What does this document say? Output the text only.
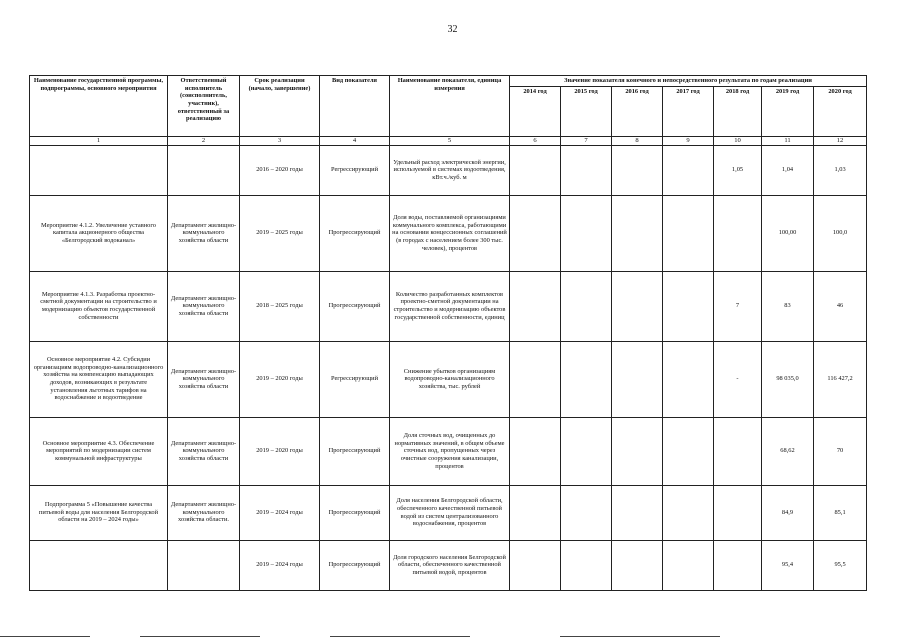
32
Наименование государственной программы, подпрограммы, основного мероприятия	Ответственный исполнитель (соисполнитель, участник), ответственный за реализацию	Срок реализации (начало, завершение)	Вид показателя	Наименование показателя, единица измерения	Значение показателя конечного и непосредственного результата по годам реализации						
					2014 год	2015 год	2016 год	2017 год	2018 год	2019 год	2020 год
1	2	3	4	5	6	7	8	9	10	11	12
		2016 – 2020 годы	Регрессирующий	Удельный расход электрической энергии, используемой в системах водоотведения, кВт.ч./куб. м					1,05	1,04	1,03
Мероприятие 4.1.2. Увеличение уставного капитала акционерного общества «Белгородский водоканал»	Департамент жилищно-коммунального хозяйства области	2019 – 2025 годы	Прогрессирующий	Доля воды, поставляемой организациями коммунального комплекса, работающими на основании концессионных соглашений (в городах с населением более 300 тыс. человек), процентов						100,00	100,0
Мероприятие 4.1.3. Разработка проектно-сметной документации на строительство и модернизацию объектов государственной собственности	Департамент жилищно-коммунального хозяйства области	2018 – 2025 годы	Прогрессирующий	Количество разработанных комплектов проектно-сметной документации на строительство и модернизацию объектов государственной собственности, единиц					7	83	46
Основное мероприятие 4.2. Субсидии организациям водопроводно-канализационного хозяйства на компенсацию выпадающих доходов, возникающих в результате установления льготных тарифов на водоснабжение и водоотведение	Департамент жилищно-коммунального хозяйства области	2019 – 2020 годы	Регрессирующий	Снижение убытков организациям водопроводно-канализационного хозяйства, тыс. рублей					-	98 035,0	116 427,2
Основное мероприятие 4.3. Обеспечение мероприятий по модернизации систем коммунальной инфраструктуры	Департамент жилищно-коммунального хозяйства области	2019 – 2020 годы	Прогрессирующий	Доля сточных вод, очищенных до нормативных значений, в общем объеме сточных вод, пропущенных через очистные сооружения канализации, процентов						68,62	70
Подпрограмма 5 «Повышение качества питьевой воды для населения Белгородской области на 2019 – 2024 годы»	Департамент жилищно-коммунального хозяйства области.	2019 – 2024 годы	Прогрессирующий	Доля населения Белгородской области, обеспеченного качественной питьевой водой из систем централизованного водоснабжения, процентов						84,9	85,1
		2019 – 2024 годы	Прогрессирующий	Доля городского населения Белгородской области, обеспеченного качественной питьевой водой, процентов						95,4	95,5
